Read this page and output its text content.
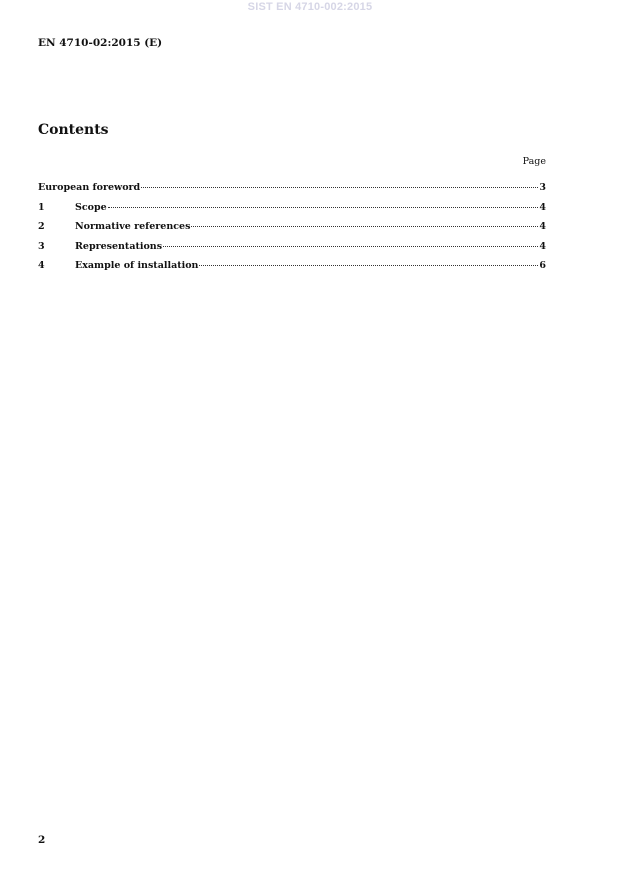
SIST EN 4710-002:2015
EN 4710-02:2015 (E)
Contents
Page
European foreword	3
1	Scope	4
2	Normative references	4
3	Representations	4
4	Example of installation	6
2
